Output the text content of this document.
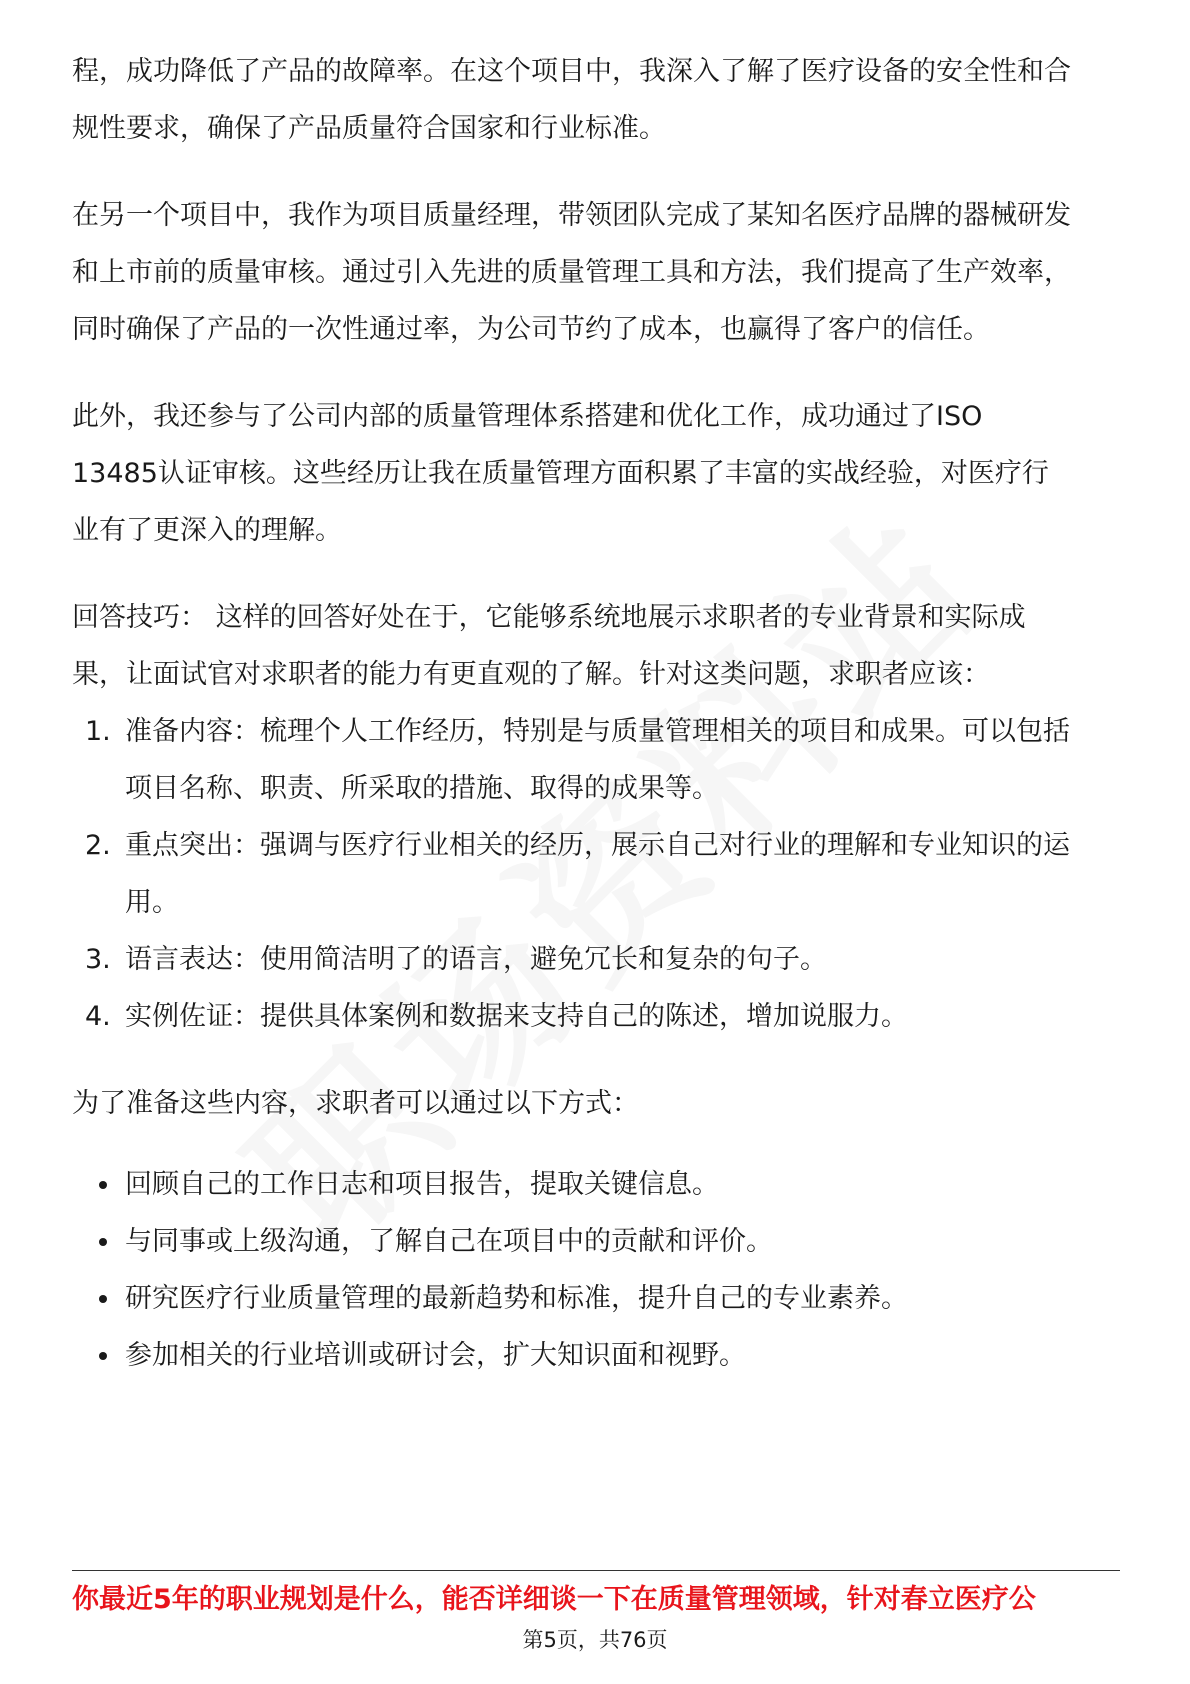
程，成功降低了产品的故障率。在这个项目中，我深入了解了医疗设备的安全性和合规性要求，确保了产品质量符合国家和行业标准。

在另一个项目中，我作为项目质量经理，带领团队完成了某知名医疗品牌的器械研发和上市前的质量审核。通过引入先进的质量管理工具和方法，我们提高了生产效率，同时确保了产品的一次性通过率，为公司节约了成本，也赢得了客户的信任。

此外，我还参与了公司内部的质量管理体系搭建和优化工作，成功通过了ISO 13485认证审核。这些经历让我在质量管理方面积累了丰富的实战经验，对医疗行业有了更深入的理解。

回答技巧： 这样的回答好处在于，它能够系统地展示求职者的专业背景和实际成果，让面试官对求职者的能力有更直观的了解。针对这类问题，求职者应该：

1. 准备内容：梳理个人工作经历，特别是与质量管理相关的项目和成果。可以包括项目名称、职责、所采取的措施、取得的成果等。
2. 重点突出：强调与医疗行业相关的经历，展示自己对行业的理解和专业知识的运用。
3. 语言表达：使用简洁明了的语言，避免冗长和复杂的句子。
4. 实例佐证：提供具体案例和数据来支持自己的陈述，增加说服力。

为了准备这些内容，求职者可以通过以下方式：

回顾自己的工作日志和项目报告，提取关键信息。
与同事或上级沟通，了解自己在项目中的贡献和评价。
研究医疗行业质量管理的最新趋势和标准，提升自己的专业素养。
参加相关的行业培训或研讨会，扩大知识面和视野。
你最近5年的职业规划是什么，能否详细谈一下在质量管理领域，针对春立医疗公
第5页，共76页
